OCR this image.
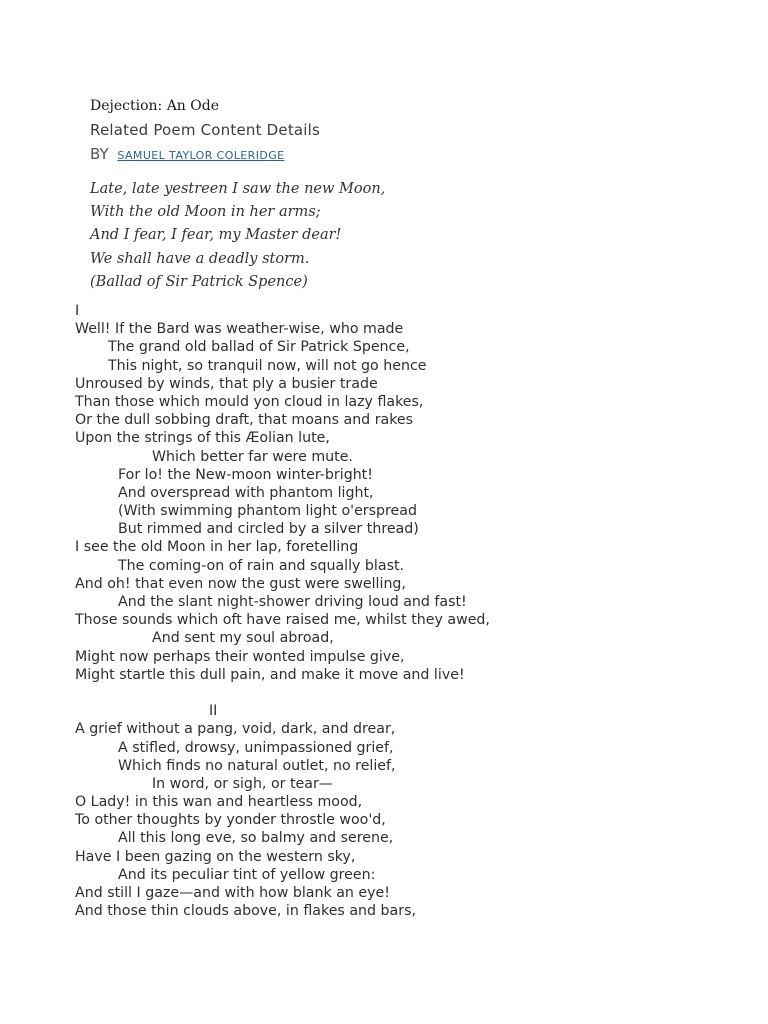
Dejection: An Ode
Related Poem Content Details
BY SAMUEL TAYLOR COLERIDGE
Late, late yestreen I saw the new Moon,
With the old Moon in her arms;
And I fear, I fear, my Master dear!
We shall have a deadly storm.
(Ballad of Sir Patrick Spence)
I
Well! If the Bard was weather-wise, who made
The grand old ballad of Sir Patrick Spence,
This night, so tranquil now, will not go hence
Unroused by winds, that ply a busier trade
Than those which mould yon cloud in lazy flakes,
Or the dull sobbing draft, that moans and rakes
Upon the strings of this Æolian lute,
Which better far were mute.
For lo! the New-moon winter-bright!
And overspread with phantom light,
(With swimming phantom light o'erspread
But rimmed and circled by a silver thread)
I see the old Moon in her lap, foretelling
The coming-on of rain and squally blast.
And oh! that even now the gust were swelling,
And the slant night-shower driving loud and fast!
Those sounds which oft have raised me, whilst they awed,
And sent my soul abroad,
Might now perhaps their wonted impulse give,
Might startle this dull pain, and make it move and live!
II
A grief without a pang, void, dark, and drear,
A stifled, drowsy, unimpassioned grief,
Which finds no natural outlet, no relief,
In word, or sigh, or tear—
O Lady! in this wan and heartless mood,
To other thoughts by yonder throstle woo'd,
All this long eve, so balmy and serene,
Have I been gazing on the western sky,
And its peculiar tint of yellow green:
And still I gaze—and with how blank an eye!
And those thin clouds above, in flakes and bars,
